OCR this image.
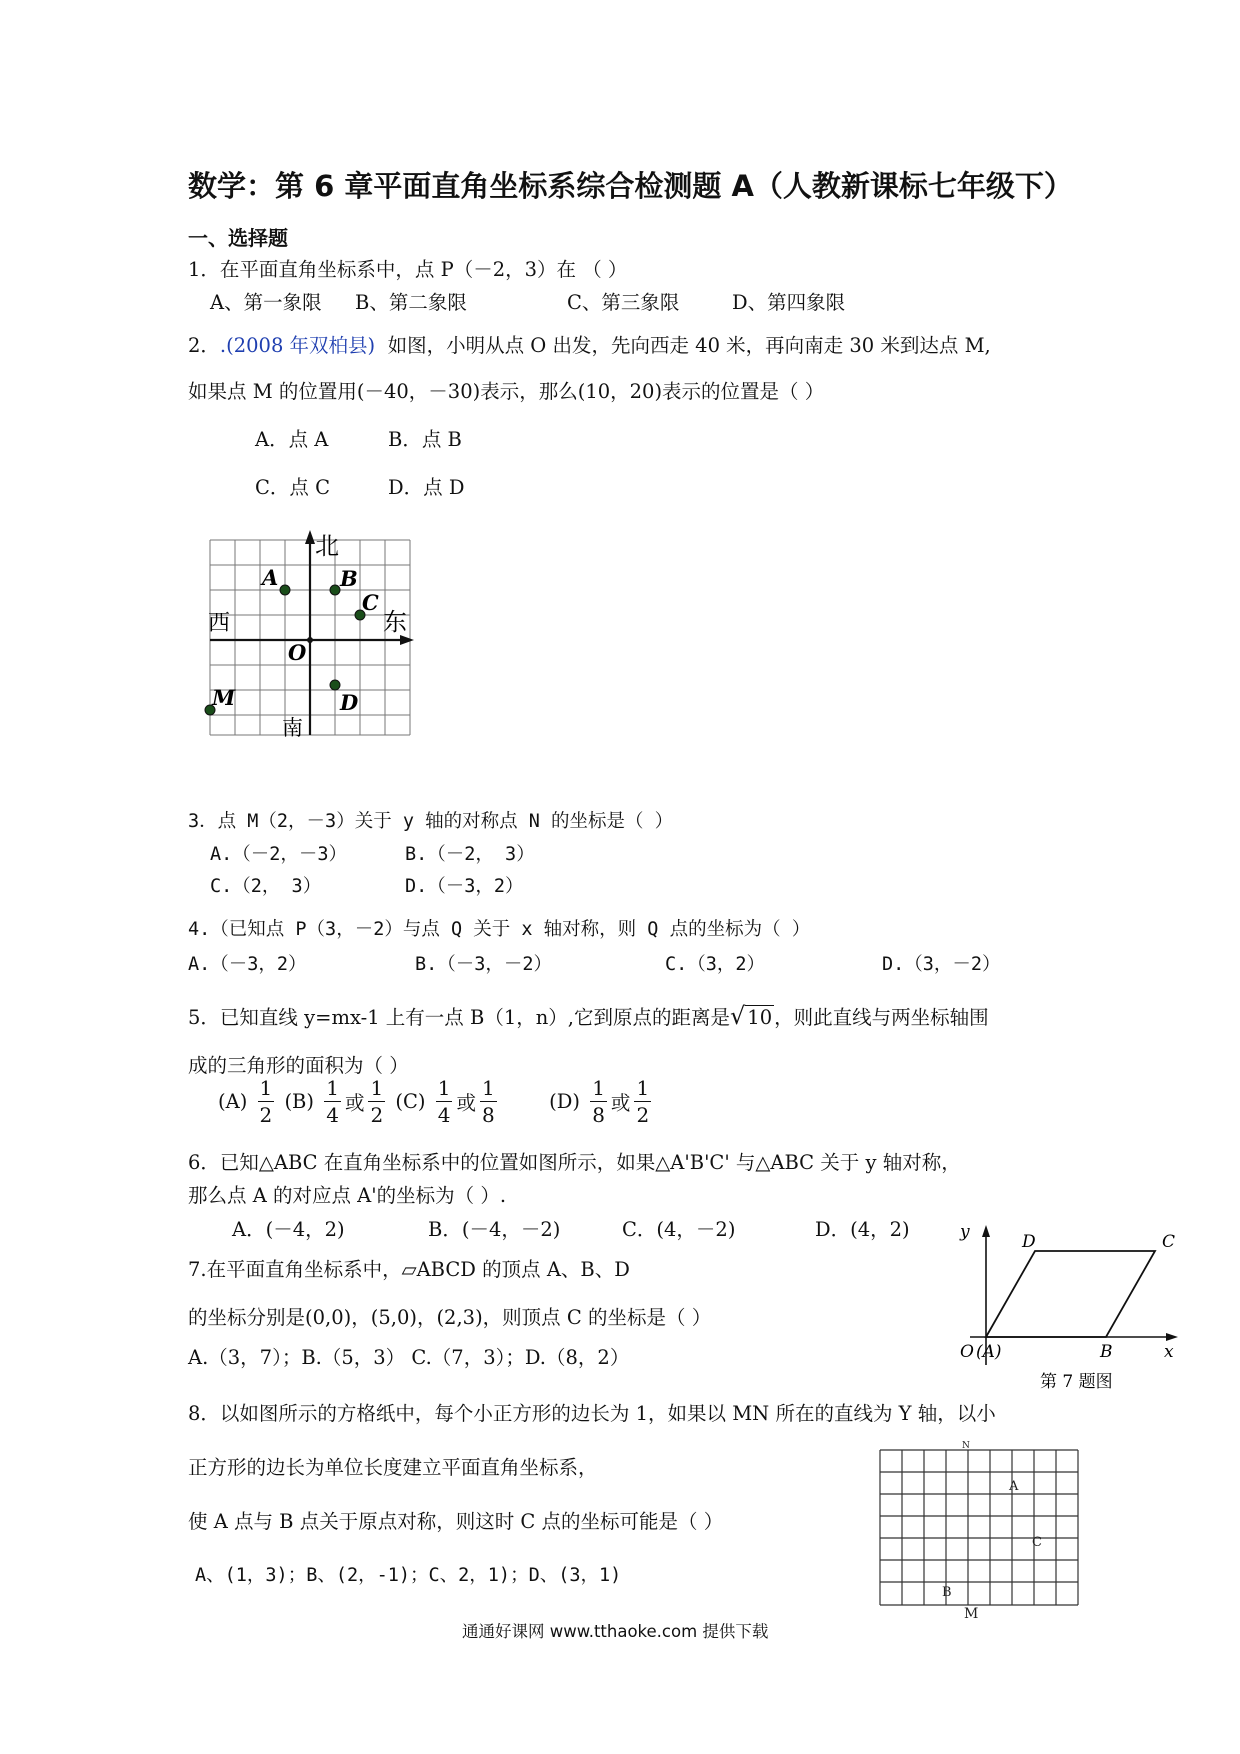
数学：第 6 章平面直角坐标系综合检测题 A（人教新课标七年级下）
一、选择题
1．在平面直角坐标系中，点 P（－2，3）在 （ ）
A、第一象限 B、第二象限	C、第三象限	D、第四象限
2．.(2008 年双柏县) 如图，小明从点 O 出发，先向西走 40 米，再向南走 30 米到达点 M,
如果点 M 的位置用(－40，－30)表示，那么(10，20)表示的位置是（ ）
A．点 A	B．点 B
C．点 C	D．点 D
北
南
东
西
A	B
C
D
O
M
3．点 M（2，－3）关于 y 轴的对称点 N 的坐标是（ ）
A.（－2，－3）	B.（－2， 3）
C.（2， 3）	D.（－3，2）
4.（已知点 P（3，－2）与点 Q 关于 x 轴对称，则 Q 点的坐标为（ ）
A.（－3，2）	B.（－3，－2）	C.（3，2）	D.（3，－2）
5．已知直线 y=mx-1 上有一点 B（1，n）,它到原点的距离是√ 10 ，则此直线与两坐标轴围
成的三角形的面积为（ ）
$(A) \frac{1}{2} (B) \frac{1}{4}$ 或 $\frac{1}{2} (C) \frac{1}{4}$ 或 $\frac{1}{8}$	$(D) \frac{1}{8}$ 或 $\frac{1}{2}$
6．已知△ABC 在直角坐标系中的位置如图所示，如果△A'B'C' 与△ABC 关于 y 轴对称，
那么点 A 的对应点 A'的坐标为（ ）.
A．(－4，2)	B．(－4，－2)	C．(4，－2)	D．(4，2)
7.在平面直角坐标系中，▱ABCD 的顶点 A、B、D
的坐标分别是(0,0)，(5,0)，(2,3)，则顶点 C 的坐标是（ ）
A.（3，7）；B.（5，3） C.（7，3）；D.（8，2）
y
x
O (A)	B
C
D
第 7 题图
8．以如图所示的方格纸中，每个小正方形的边长为 1，如果以 MN 所在的直线为 Y 轴，以小
正方形的边长为单位长度建立平面直角坐标系，
使 A 点与 B 点关于原点对称，则这时 C 点的坐标可能是（ ）
A、(1，3)；B、(2，-1)；C、2，1)；D、(3，1)
N
A
C
B
M
通通好课网 www.tthaoke.com 提供下载
